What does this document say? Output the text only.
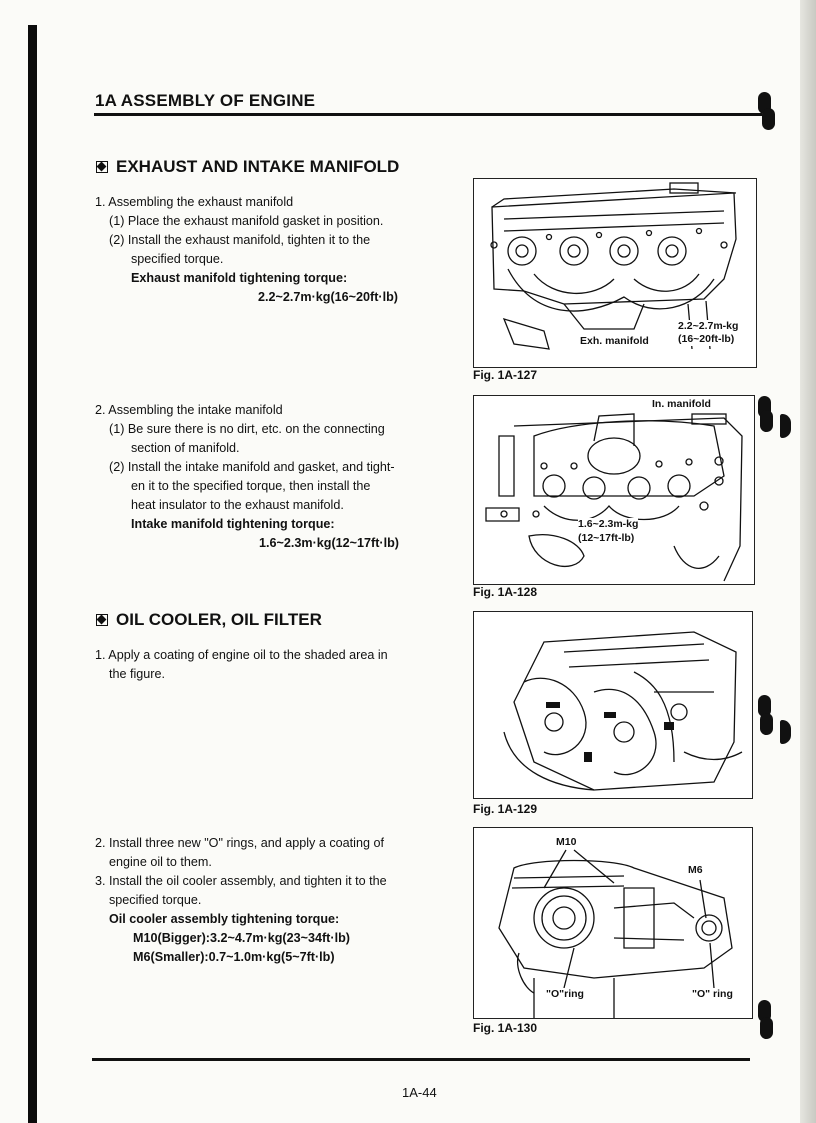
1A ASSEMBLY OF ENGINE
EXHAUST AND INTAKE MANIFOLD
1. Assembling the exhaust manifold
(1) Place the exhaust manifold gasket in position.
(2) Install the exhaust manifold, tighten it to the
specified torque.
Exhaust manifold tightening torque:
2.2~2.7m·kg(16~20ft·lb)
2. Assembling the intake manifold
(1) Be sure there is no dirt, etc. on the connecting
section of manifold.
(2) Install the intake manifold and gasket, and tight-
en it to the specified torque, then install the
heat insulator to the exhaust manifold.
Intake manifold tightening torque:
1.6~2.3m·kg(12~17ft·lb)
OIL COOLER, OIL FILTER
1. Apply a coating of engine oil to the shaded area in
the figure.
2. Install three new "O" rings, and apply a coating of
engine oil to them.
3. Install the oil cooler assembly, and tighten it to the
specified torque.
Oil cooler assembly tightening torque:
M10(Bigger):3.2~4.7m·kg(23~34ft·lb)
M6(Smaller):0.7~1.0m·kg(5~7ft·lb)
Exh. manifold
2.2~2.7m-kg
(16~20ft-lb)
Fig. 1A-127
In. manifold
1.6~2.3m-kg
(12~17ft-lb)
Fig. 1A-128
Fig. 1A-129
M10
M6
"O"ring	"O" ring
Fig. 1A-130
1A-44
